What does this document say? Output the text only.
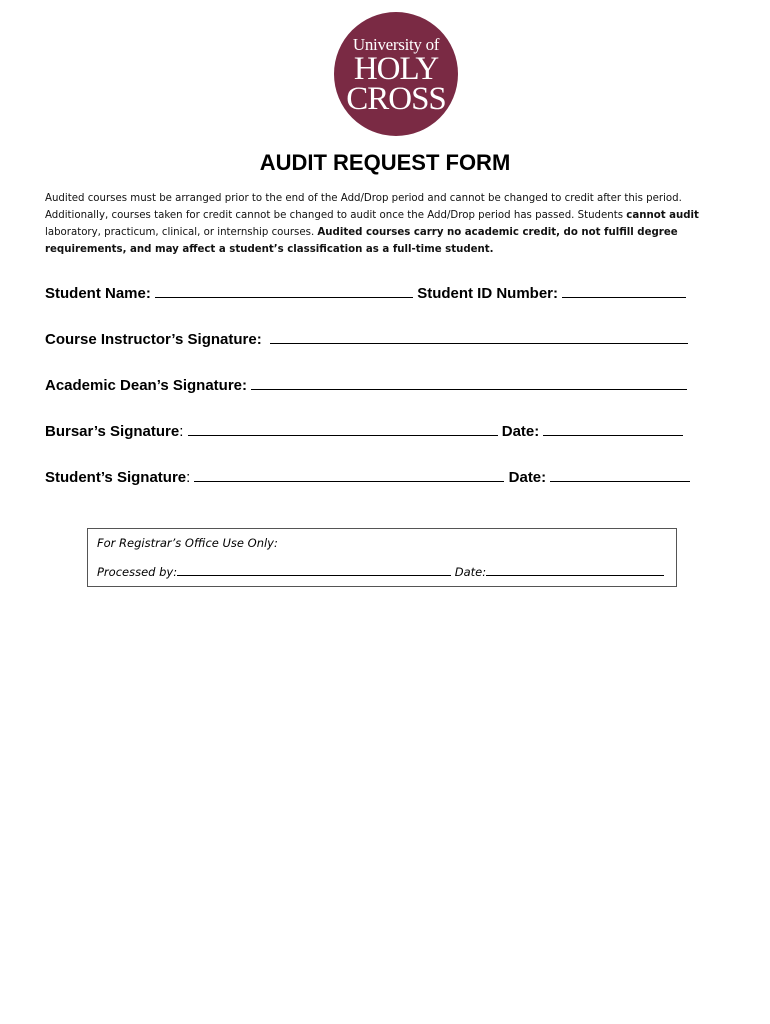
University of
HOLY
CROSS
AUDIT REQUEST FORM
Audited courses must be arranged prior to the end of the Add/Drop period and cannot be changed to credit after this period. Additionally, courses taken for credit cannot be changed to audit once the Add/Drop period has passed. Students cannot audit laboratory, practicum, clinical, or internship courses. Audited courses carry no academic credit, do not fulfill degree requirements, and may affect a student’s classification as a full-time student.
Student Name:	Student ID Number:
Course Instructor’s Signature:
Academic Dean’s Signature:
Bursar’s Signature:	Date:
Student’s Signature:	Date:
For Registrar’s Office Use Only:
Processed by:	Date:
